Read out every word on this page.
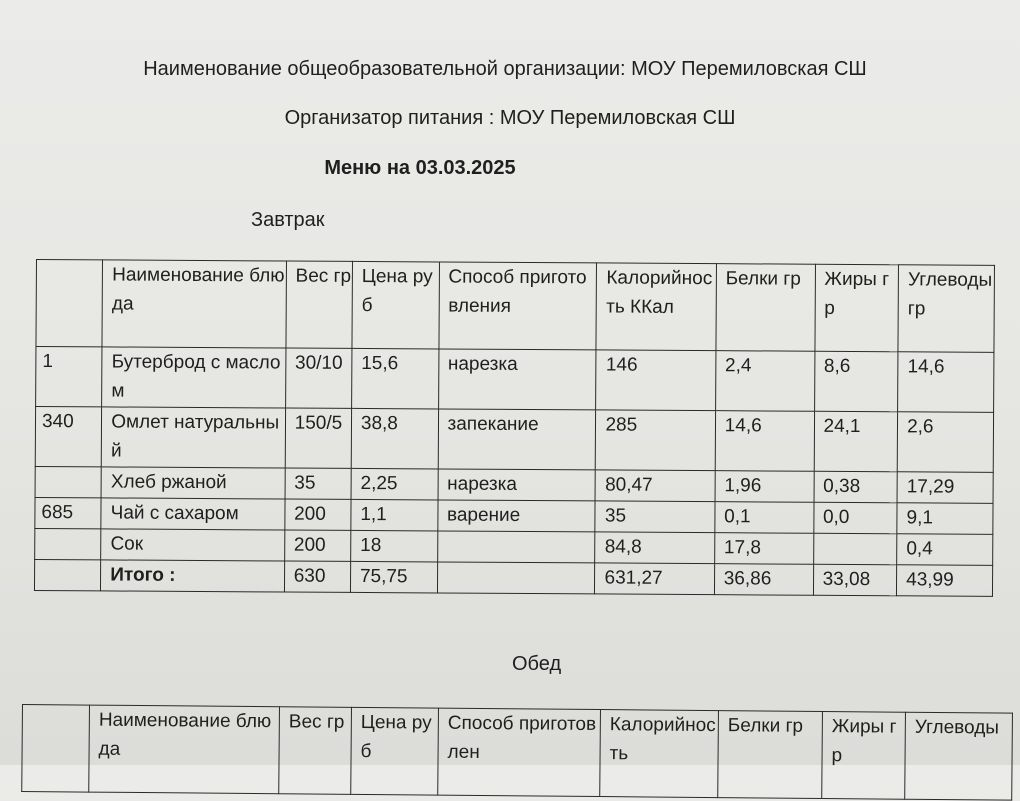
Наименование общеобразовательной организации: МОУ Перемиловская СШ
Организатор питания : МОУ Перемиловская СШ
Меню на 03.03.2025
Завтрак
	Наименование блюда	Вес гр	Цена руб	Способ приготовления	Калорийность ККал	Белки гр	Жиры гр	Углеводы гр
1	Бутерброд с маслом	30/10	15,6	нарезка	146	2,4	8,6	14,6
340	Омлет натуральный	150/5	38,8	запекание	285	14,6	24,1	2,6
	Хлеб ржаной	35	2,25	нарезка	80,47	1,96	0,38	17,29
685	Чай с сахаром	200	1,1	варение	35	0,1	0,0	9,1
	Сок	200	18		84,8	17,8		0,4
	Итого :	630	75,75		631,27	36,86	33,08	43,99
Обед
	Наименование блюда	Вес гр	Цена руб	Способ приготовлен	Калорийность	Белки гр	Жиры гр	Углеводы
